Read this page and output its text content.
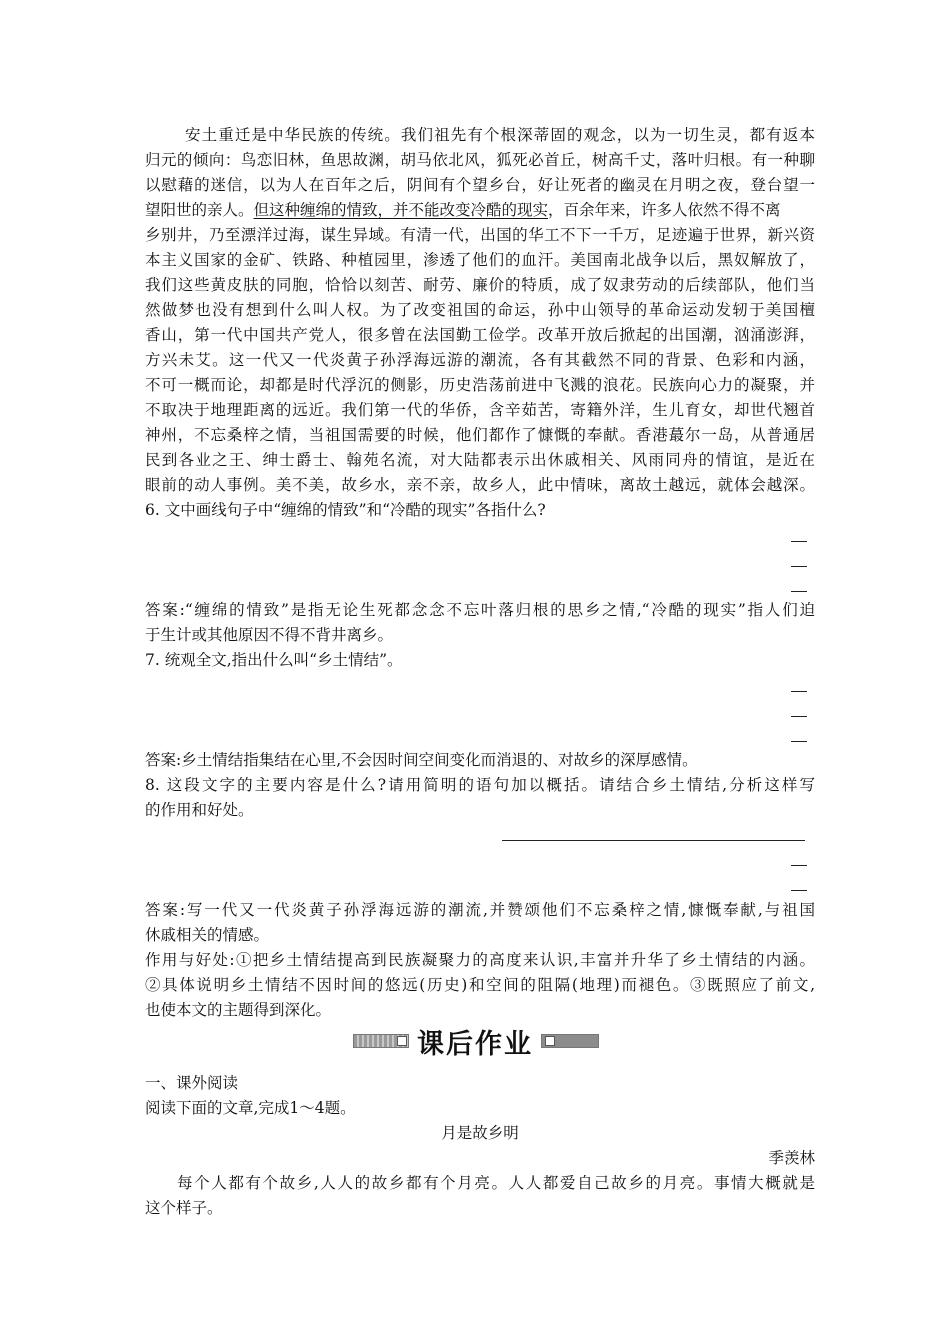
安土重迁是中华民族的传统。我们祖先有个根深蒂固的观念，以为一切生灵，都有返本
归元的倾向：鸟恋旧林，鱼思故渊，胡马依北风，狐死必首丘，树高千丈，落叶归根。有一种聊
以慰藉的迷信，以为人在百年之后，阴间有个望乡台，好让死者的幽灵在月明之夜，登台望一
望阳世的亲人。但这种缠绵的情致，并不能改变冷酷的现实，百余年来，许多人依然不得不离
乡别井，乃至漂洋过海，谋生异域。有清一代，出国的华工不下一千万，足迹遍于世界，新兴资
本主义国家的金矿、铁路、种植园里，渗透了他们的血汗。美国南北战争以后，黑奴解放了，
我们这些黄皮肤的同胞，恰恰以刻苦、耐劳、廉价的特质，成了奴隶劳动的后续部队，他们当
然做梦也没有想到什么叫人权。为了改变祖国的命运，孙中山领导的革命运动发轫于美国檀
香山，第一代中国共产党人，很多曾在法国勤工俭学。改革开放后掀起的出国潮，汹涌澎湃，
方兴未艾。这一代又一代炎黄子孙浮海远游的潮流，各有其截然不同的背景、色彩和内涵，
不可一概而论，却都是时代浮沉的侧影，历史浩荡前进中飞溅的浪花。民族向心力的凝聚，并
不取决于地理距离的远近。我们第一代的华侨，含辛茹苦，寄籍外洋，生儿育女，却世代翘首
神州，不忘桑梓之情，当祖国需要的时候，他们都作了慷慨的奉献。香港蕞尔一岛，从普通居
民到各业之王、绅士爵士、翰苑名流，对大陆都表示出休戚相关、风雨同舟的情谊，是近在
眼前的动人事例。美不美，故乡水，亲不亲，故乡人，此中情味，离故土越远，就体会越深。
6. 文中画线句子中“缠绵的情致”和“冷酷的现实”各指什么?
答案:“缠绵的情致”是指无论生死都念念不忘叶落归根的思乡之情,“冷酷的现实”指人们迫
于生计或其他原因不得不背井离乡。
7. 统观全文,指出什么叫“乡土情结”。
答案:乡土情结指集结在心里,不会因时间空间变化而消退的、对故乡的深厚感情。
8. 这段文字的主要内容是什么?请用简明的语句加以概括。请结合乡土情结,分析这样写
的作用和好处。
答案:写一代又一代炎黄子孙浮海远游的潮流,并赞颂他们不忘桑梓之情,慷慨奉献,与祖国
休戚相关的情感。
作用与好处:①把乡土情结提高到民族凝聚力的高度来认识,丰富并升华了乡土情结的内涵。
②具体说明乡土情结不因时间的悠远(历史)和空间的阻隔(地理)而褪色。③既照应了前文,
也使本文的主题得到深化。
课后作业
一、课外阅读
阅读下面的文章,完成1～4题。
月是故乡明
季羡林
每个人都有个故乡,人人的故乡都有个月亮。人人都爱自己故乡的月亮。事情大概就是
这个样子。
